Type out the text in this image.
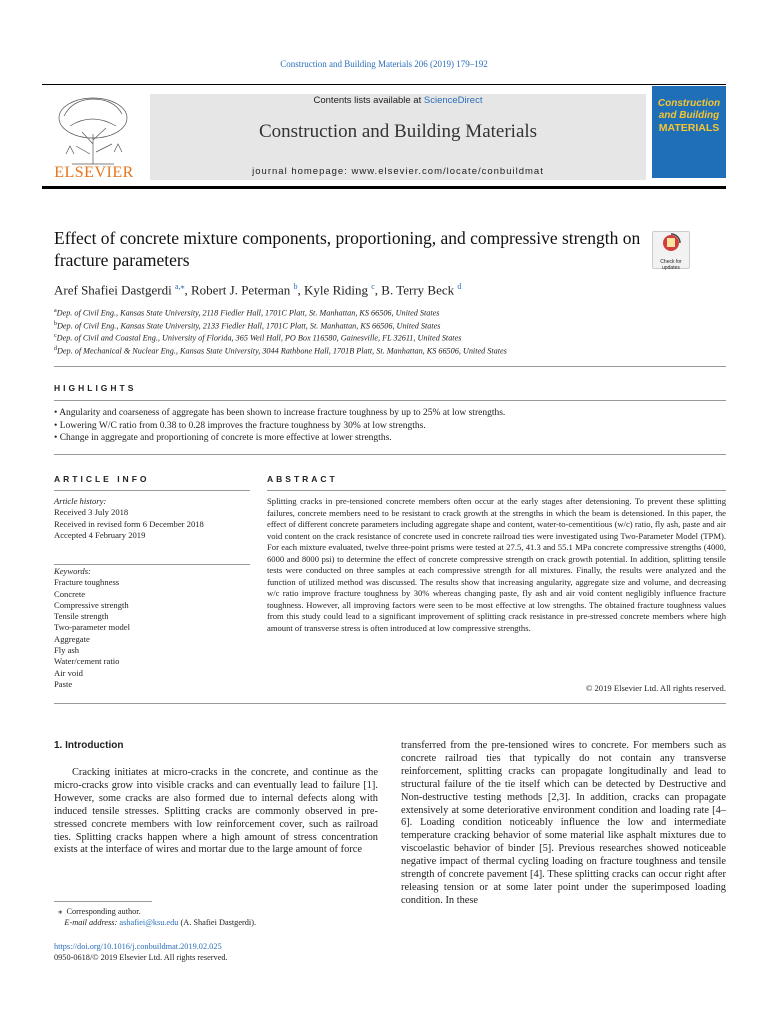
Construction and Building Materials 206 (2019) 179–192
ELSEVIER
Contents lists available at ScienceDirect
Construction and Building Materials
journal homepage: www.elsevier.com/locate/conbuildmat
Construction
and Building
MATERIALS
Effect of concrete mixture components, proportioning, and compressive strength on fracture parameters	Check for
updates
Aref Shafiei Dastgerdi $^{a,⁎}$, Robert J. Peterman $^b$, Kyle Riding $^c$, B. Terry Beck $^d$
$^a$Dep. of Civil Eng., Kansas State University, 2118 Fiedler Hall, 1701C Platt, St. Manhattan, KS 66506, United States
$^b$Dep. of Civil Eng., Kansas State University, 2133 Fiedler Hall, 1701C Platt, St. Manhattan, KS 66506, United States
$^c$Dep. of Civil and Coastal Eng., University of Florida, 365 Weil Hall, PO Box 116580, Gainesville, FL 32611, United States
$^d$Dep. of Mechanical & Nuclear Eng., Kansas State University, 3044 Rathbone Hall, 1701B Platt, St. Manhattan, KS 66506, United States
HIGHLIGHTS
• Angularity and coarseness of aggregate has been shown to increase fracture toughness by up to 25% at low strengths.
• Lowering W/C ratio from 0.38 to 0.28 improves the fracture toughness by 30% at low strengths.
• Change in aggregate and proportioning of concrete is more effective at lower strengths.
ARTICLE INFO	ABSTRACT
Article history:
Received 3 July 2018
Received in revised form 6 December 2018
Accepted 4 February 2019
Keywords:
Fracture toughness
Concrete
Compressive strength
Tensile strength
Two-parameter model
Aggregate
Fly ash
Water/cement ratio
Air void
Paste
Splitting cracks in pre-tensioned concrete members often occur at the early stages after detensioning. To prevent these splitting failures, concrete members need to be resistant to crack growth at the strengths in which the beam is detensioned. In this paper, the effect of different concrete parameters including aggregate shape and content, water-to-cementitious (w/c) ratio, fly ash, paste and air void content on the crack resistance of concrete used in concrete railroad ties were investigated using Two-Parameter Model (TPM). For each mixture evaluated, twelve three-point prisms were tested at 27.5, 41.3 and 55.1 MPa concrete compressive strengths (4000, 6000 and 8000 psi) to determine the effect of concrete compressive strength on crack growth potential. In addition, splitting tensile tests were conducted on three samples at each compressive strength for all mixtures. Finally, the results were analyzed and the function of utilized method was discussed. The results show that increasing angularity, aggregate size and volume, and decreasing w/c ratio improve fracture toughness by 30% whereas changing paste, fly ash and air void content negligibly influence fracture toughness. However, all improving factors were seen to be most effective at low strengths. The obtained fracture toughness values from this study could lead to a significant improvement of splitting crack resistance in pre-stressed concrete members where high amount of transverse stress is often introduced at low compressive strengths.
© 2019 Elsevier Ltd. All rights reserved.
1. Introduction

Cracking initiates at micro-cracks in the concrete, and continue as the micro-cracks grow into visible cracks and can eventually lead to failure [1]. However, some cracks are also formed due to internal defects along with induced tensile stresses. Splitting cracks are commonly observed in pre-stressed concrete members with low reinforcement cover, such as railroad ties. Splitting cracks happen where a high amount of stress concentration exists at the interface of wires and mortar due to the large amount of force

transferred from the pre-tensioned wires to concrete. For members such as concrete railroad ties that typically do not contain any transverse reinforcement, splitting cracks can propagate longitudinally and lead to structural failure of the tie itself which can be detected by Destructive and Non-destructive testing methods [2,3]. In addition, cracks can propagate extensively at some deteriorative environment condition and loading rate [4–6]. Loading condition noticeably influence the low and intermediate temperature cracking behavior of some material like asphalt mixtures due to viscoelastic behavior of binder [5]. Previous researches showed noticeable negative impact of thermal cycling loading on fracture toughness and tensile strength of concrete pavement [4]. These splitting cracks can occur right after releasing tension or at some later point under the superimposed loading condition. In these

⁎ Corresponding author.
E-mail address: ashafiei@ksu.edu (A. Shafiei Dastgerdi).
https://doi.org/10.1016/j.conbuildmat.2019.02.025
0950-0618/© 2019 Elsevier Ltd. All rights reserved.
